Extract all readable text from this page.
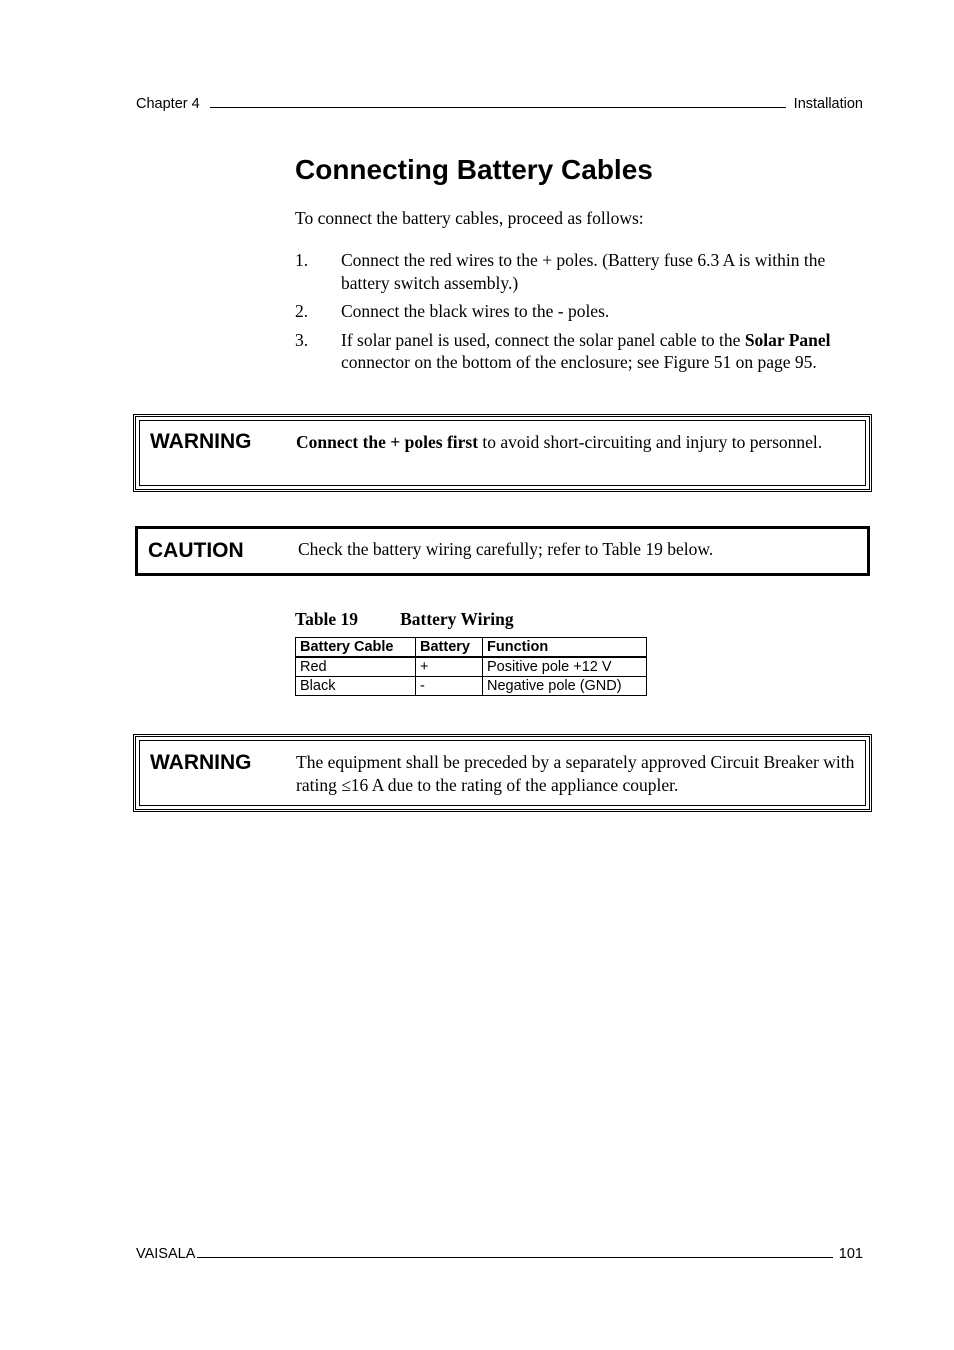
Chapter 4	Installation
Connecting Battery Cables
To connect the battery cables, proceed as follows:
1.	Connect the red wires to the + poles. (Battery fuse 6.3 A is within the battery switch assembly.)
2.	Connect the black wires to the - poles.
3.	If solar panel is used, connect the solar panel cable to the Solar Panel connector on the bottom of the enclosure; see Figure 51 on page 95.
WARNING	Connect the + poles first to avoid short-circuiting and injury to personnel.
CAUTION	Check the battery wiring carefully; refer to Table 19 below.
Table 19 Battery Wiring
Battery Cable	Battery	Function
Red	+	Positive pole +12 V
Black	-	Negative pole (GND)
WARNING	The equipment shall be preceded by a separately approved Circuit Breaker with rating ≤16 A due to the rating of the appliance coupler.
VAISALA	101
